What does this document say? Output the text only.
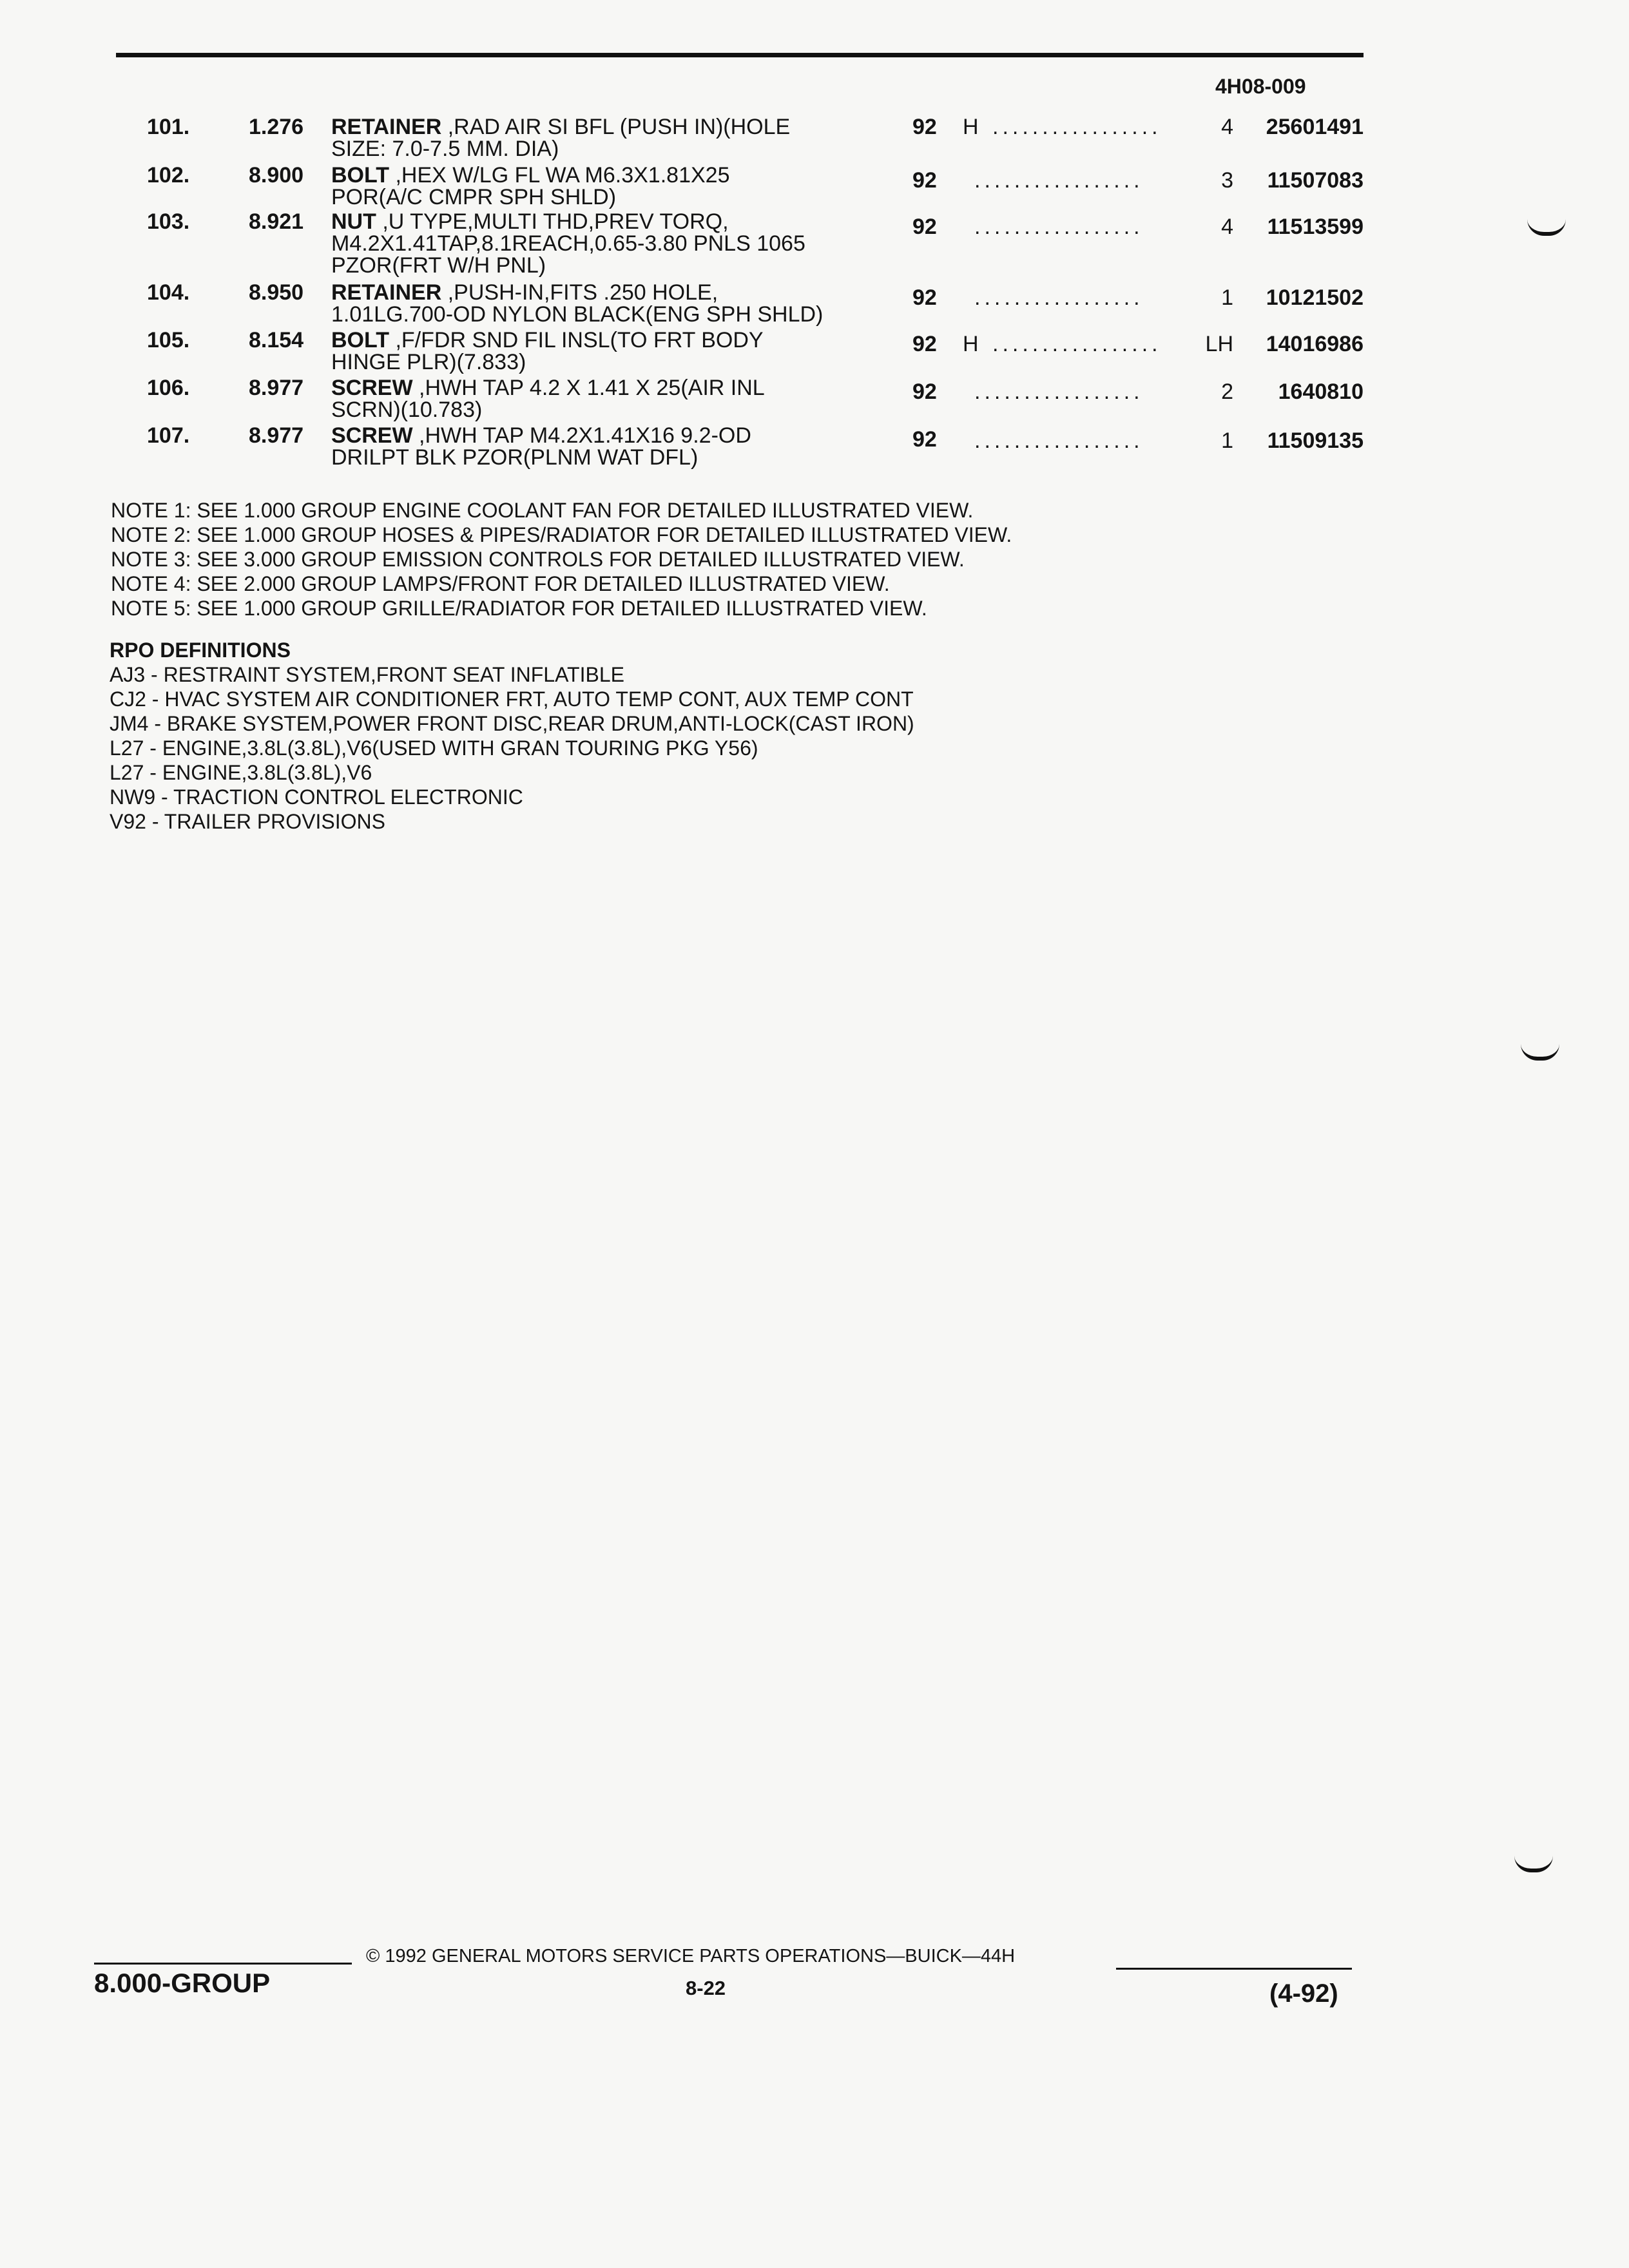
4H08-009
101.	1.276 RETAINER ,RAD AIR SI BFL (PUSH IN)(HOLE
SIZE: 7.0-7.5 MM. DIA)
92 H .................	4	25601491
102.	8.900 BOLT ,HEX W/LG FL WA M6.3X1.81X25
POR(A/C CMPR SPH SHLD)
92 .................	3	11507083
103.	8.921 NUT ,U TYPE,MULTI THD,PREV TORQ,
M4.2X1.41TAP,8.1REACH,0.65-3.80 PNLS 1065
PZOR(FRT W/H PNL)
92 .................	4	11513599
104.	8.950 RETAINER ,PUSH-IN,FITS .250 HOLE,
1.01LG.700-OD NYLON BLACK(ENG SPH SHLD)
92 .................	1	10121502
105.	8.154 BOLT ,F/FDR SND FIL INSL(TO FRT BODY
HINGE PLR)(7.833)
92 H .................	LH	14016986
106.	8.977 SCREW ,HWH TAP 4.2 X 1.41 X 25(AIR INL
SCRN)(10.783)
92 .................	2	1640810
107.	8.977 SCREW ,HWH TAP M4.2X1.41X16 9.2-OD
DRILPT BLK PZOR(PLNM WAT DFL)
92 .................	1	11509135
NOTE 1: SEE 1.000 GROUP ENGINE COOLANT FAN FOR DETAILED ILLUSTRATED VIEW.
NOTE 2: SEE 1.000 GROUP HOSES & PIPES/RADIATOR FOR DETAILED ILLUSTRATED VIEW.
NOTE 3: SEE 3.000 GROUP EMISSION CONTROLS FOR DETAILED ILLUSTRATED VIEW.
NOTE 4: SEE 2.000 GROUP LAMPS/FRONT FOR DETAILED ILLUSTRATED VIEW.
NOTE 5: SEE 1.000 GROUP GRILLE/RADIATOR FOR DETAILED ILLUSTRATED VIEW.
RPO DEFINITIONS
AJ3 - RESTRAINT SYSTEM,FRONT SEAT INFLATIBLE
CJ2 - HVAC SYSTEM AIR CONDITIONER FRT, AUTO TEMP CONT, AUX TEMP CONT
JM4 - BRAKE SYSTEM,POWER FRONT DISC,REAR DRUM,ANTI-LOCK(CAST IRON)
L27 - ENGINE,3.8L(3.8L),V6(USED WITH GRAN TOURING PKG Y56)
L27 - ENGINE,3.8L(3.8L),V6
NW9 - TRACTION CONTROL ELECTRONIC
V92 - TRAILER PROVISIONS
© 1992 GENERAL MOTORS SERVICE PARTS OPERATIONS—BUICK—44H
8.000-GROUP	8-22	(4-92)
